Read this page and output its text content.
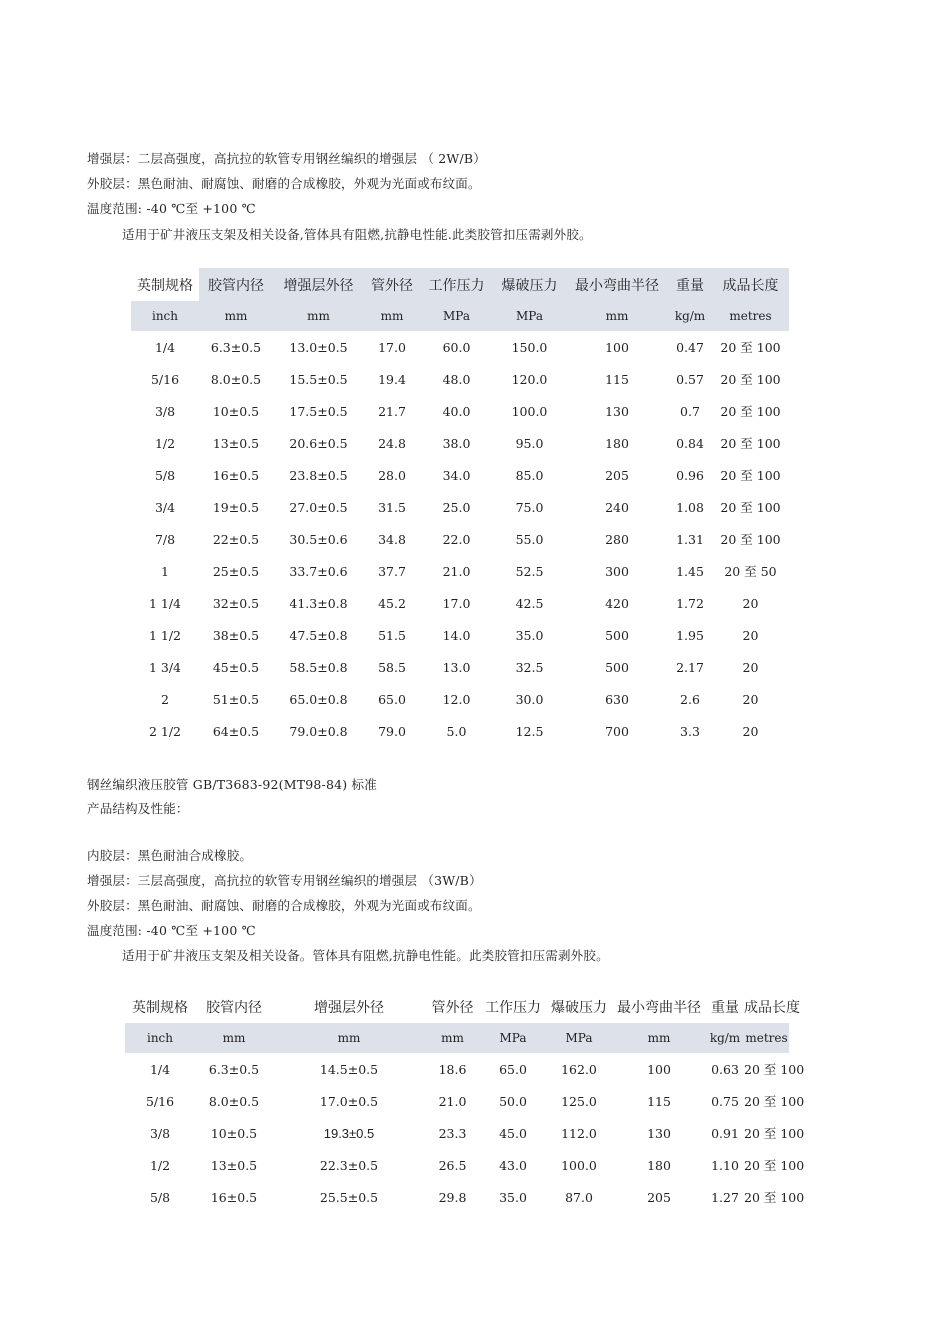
增强层：二层高强度，高抗拉的软管专用钢丝编织的增强层 （ 2W/B）
外胶层：黑色耐油、耐腐蚀、耐磨的合成橡胶，外观为光面或布纹面。
温度范围: -40 ℃至 +100 ℃
适用于矿井液压支架及相关设备,管体具有阻燃,抗静电性能.此类胶管扣压需剥外胶。
英制规格	胶管内径	增强层外径	管外径	工作压力	爆破压力	最小弯曲半径	重量	成品长度
inch	mm	mm	mm	MPa	MPa	mm	kg/m	metres
1/4	6.3±0.5	13.0±0.5	17.0	60.0	150.0	100	0.47	20 至 100
5/16	8.0±0.5	15.5±0.5	19.4	48.0	120.0	115	0.57	20 至 100
3/8	10±0.5	17.5±0.5	21.7	40.0	100.0	130	0.7	20 至 100
1/2	13±0.5	20.6±0.5	24.8	38.0	95.0	180	0.84	20 至 100
5/8	16±0.5	23.8±0.5	28.0	34.0	85.0	205	0.96	20 至 100
3/4	19±0.5	27.0±0.5	31.5	25.0	75.0	240	1.08	20 至 100
7/8	22±0.5	30.5±0.6	34.8	22.0	55.0	280	1.31	20 至 100
1	25±0.5	33.7±0.6	37.7	21.0	52.5	300	1.45	20 至 50
1 1/4	32±0.5	41.3±0.8	45.2	17.0	42.5	420	1.72	20
1 1/2	38±0.5	47.5±0.8	51.5	14.0	35.0	500	1.95	20
1 3/4	45±0.5	58.5±0.8	58.5	13.0	32.5	500	2.17	20
2	51±0.5	65.0±0.8	65.0	12.0	30.0	630	2.6	20
2 1/2	64±0.5	79.0±0.8	79.0	5.0	12.5	700	3.3	20
钢丝编织液压胶管 GB/T3683-92(MT98-84) 标准
产品结构及性能：
内胶层：黑色耐油合成橡胶。
增强层：三层高强度，高抗拉的软管专用钢丝编织的增强层 （3W/B）
外胶层：黑色耐油、耐腐蚀、耐磨的合成橡胶，外观为光面或布纹面。
温度范围: -40 ℃至 +100 ℃
适用于矿井液压支架及相关设备。管体具有阻燃,抗静电性能。此类胶管扣压需剥外胶。
英制规格	胶管内径	增强层外径	管外径	工作压力	爆破压力	最小弯曲半径	重量	成品长度
inch	mm	mm	mm	MPa	MPa	mm	kg/m	metres
1/4	6.3±0.5	14.5±0.5	18.6	65.0	162.0	100	0.63	20 至 100
5/16	8.0±0.5	17.0±0.5	21.0	50.0	125.0	115	0.75	20 至 100
3/8	10±0.5	19.3±0.5	23.3	45.0	112.0	130	0.91	20 至 100
1/2	13±0.5	22.3±0.5	26.5	43.0	100.0	180	1.10	20 至 100
5/8	16±0.5	25.5±0.5	29.8	35.0	87.0	205	1.27	20 至 100
